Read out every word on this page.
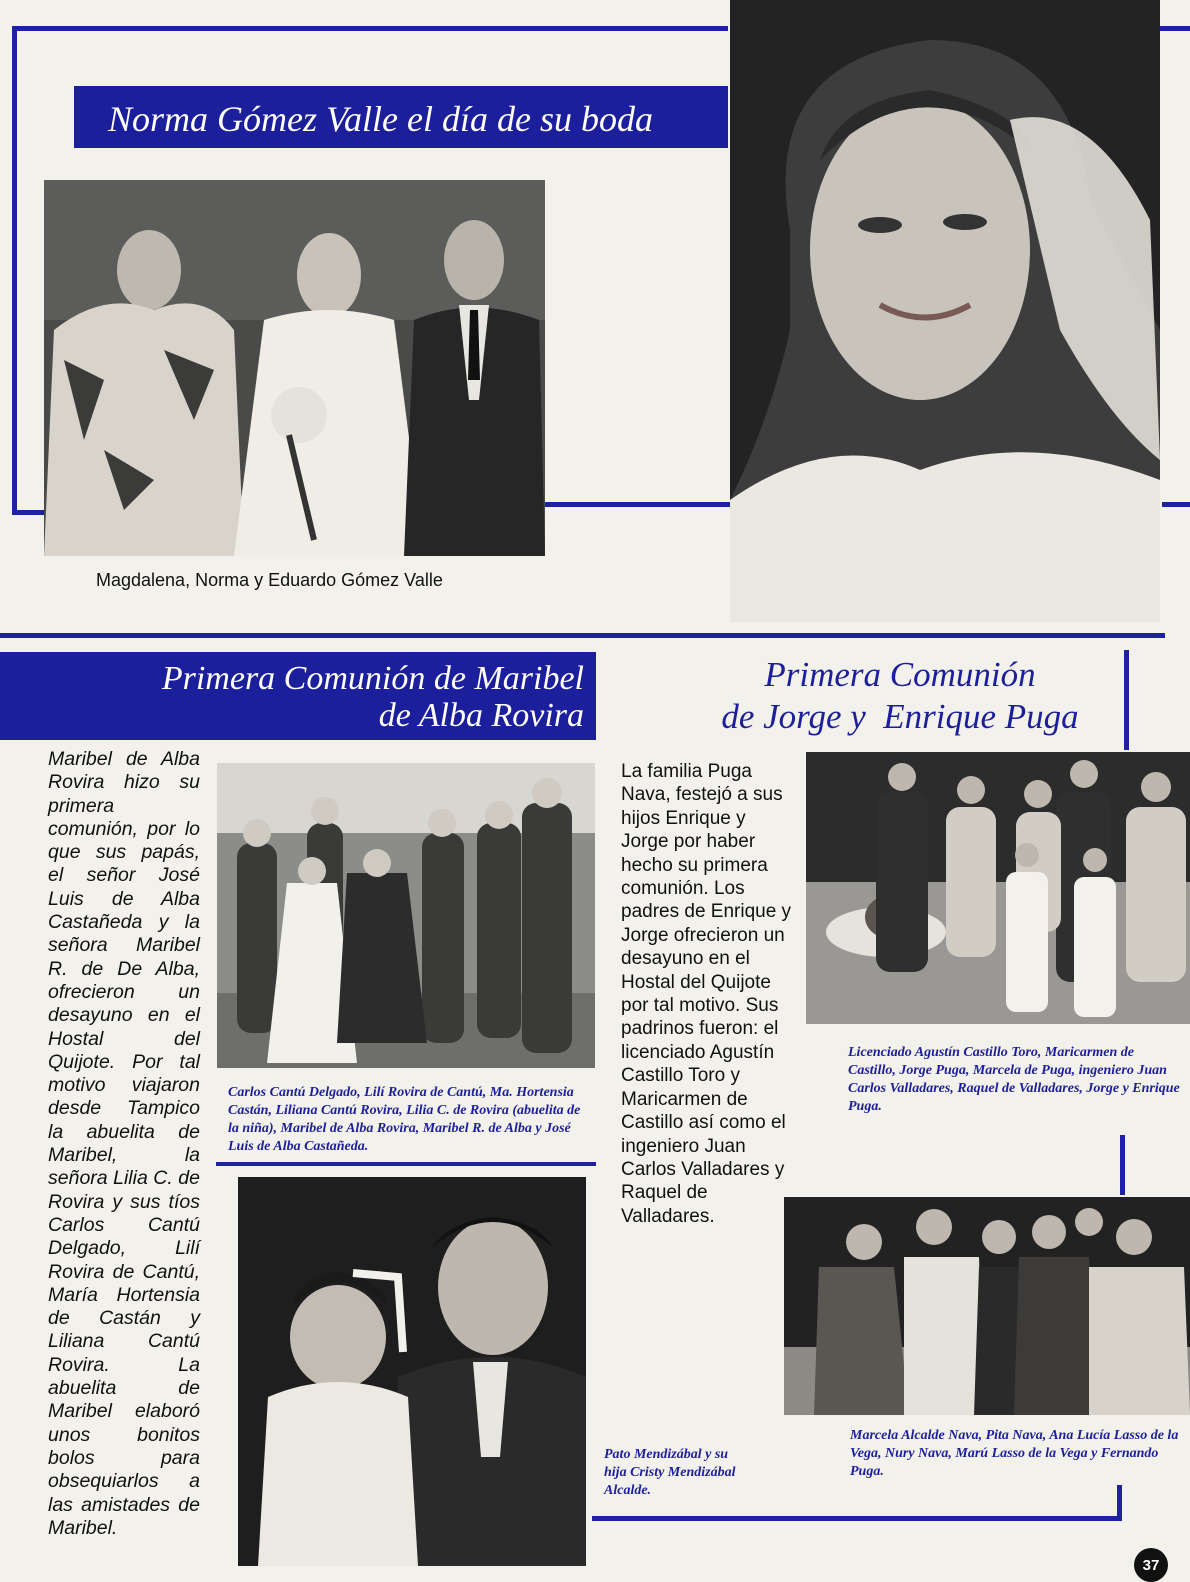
Norma Gómez Valle el día de su boda
Magdalena, Norma y Eduardo Gómez Valle
Primera Comunión de Maribel
de Alba Rovira
Primera Comunión
de Jorge y  Enrique Puga
Maribel de Alba Rovira hizo su primera comunión, por lo que sus papás, el señor José Luis de Alba Castañeda y la señora Maribel R. de De Alba, ofrecieron un desayuno en el Hostal del Quijote. Por tal motivo viajaron desde Tampico la abuelita de Maribel, la señora Lilia C. de Rovira y sus tíos Carlos Cantú Delgado, Lilí Rovira de Cantú, María Hortensia de Castán y Liliana Cantú Rovira. La abuelita de Maribel elaboró unos bonitos bolos para obsequiarlos a las amistades de Maribel.
Carlos Cantú Delgado, Lilí Rovira de Cantú, Ma. Hortensia Castán, Liliana Cantú Rovira, Lilia C. de Rovira (abuelita de la niña), Maribel de Alba Rovira, Maribel R. de Alba y José Luis de Alba Castañeda.
La familia Puga Nava, festejó a sus hijos Enrique y Jorge por haber hecho su primera comunión. Los padres de Enrique y Jorge ofrecieron un desayuno en el Hostal del Quijote por tal motivo. Sus padrinos fueron: el licenciado Agustín Castillo Toro y Maricarmen de Castillo así como el ingeniero Juan Carlos Valladares y Raquel de Valladares.
Licenciado Agustín Castillo Toro, Maricarmen de Castillo, Jorge Puga, Marcela de Puga, ingeniero Juan Carlos Valladares, Raquel de Valladares, Jorge y Enrique Puga.
Marcela Alcalde Nava, Pita Nava, Ana Lucía Lasso de la Vega, Nury Nava, Marú Lasso de la Vega y Fernando Puga.
Pato Mendizábal y su hija Cristy Mendizábal Alcalde.
37
